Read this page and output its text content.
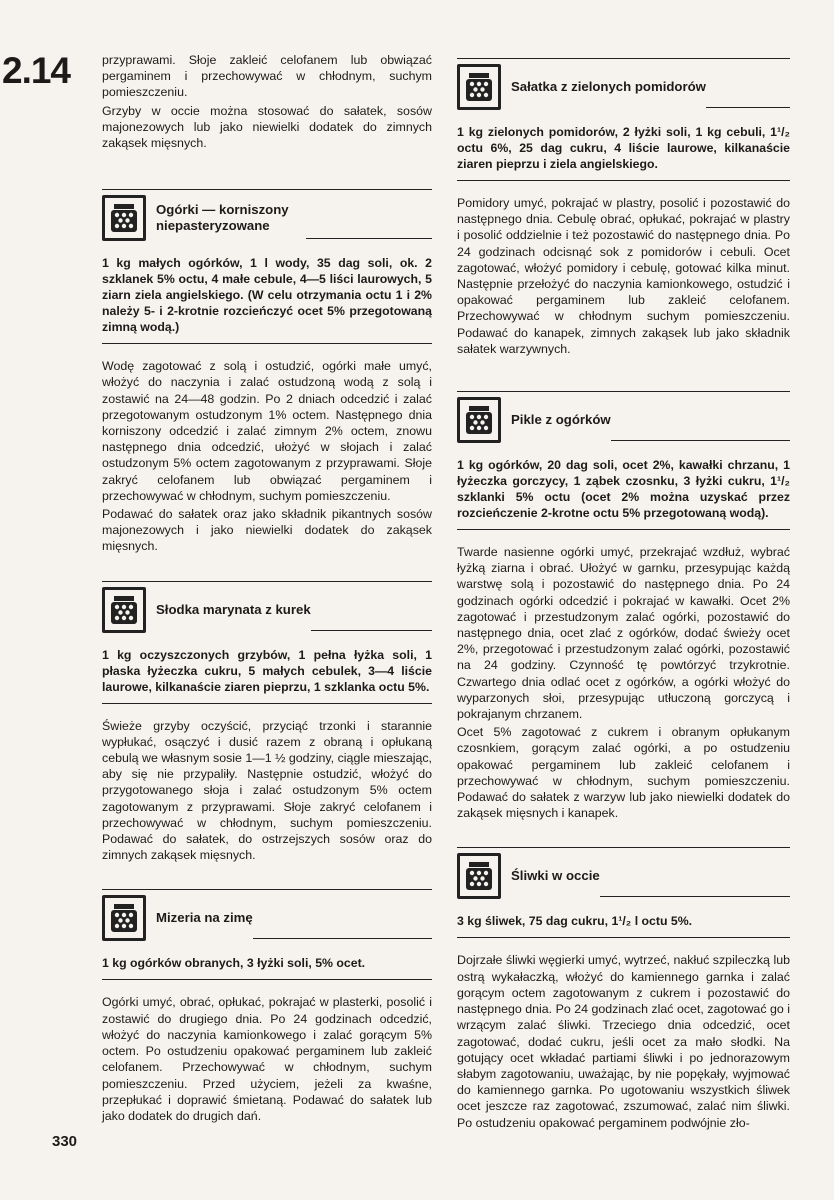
2.14
330

przyprawami. Słoje zakleić celofanem lub obwiązać pergaminem i przechowywać w chłodnym, suchym pomieszczeniu.

Grzyby w occie można stosować do sałatek, sosów majonezowych lub jako niewielki dodatek do zimnych zakąsek mięsnych.

Ogórki — korniszony niepasteryzowane
1 kg małych ogórków, 1 l wody, 35 dag soli, ok. 2 szklanek 5% octu, 4 małe cebule, 4—5 liści laurowych, 5 ziarn ziela angielskiego. (W celu otrzymania octu 1 i 2% należy 5- i 2-krotnie rozcieńczyć ocet 5% przegotowaną zimną wodą.)

Wodę zagotować z solą i ostudzić, ogórki małe umyć, włożyć do naczynia i zalać ostudzoną wodą z solą i zostawić na 24—48 godzin. Po 2 dniach odcedzić i zalać przegotowanym ostudzonym 1% octem. Następnego dnia korniszony odcedzić i zalać zimnym 2% octem, znowu następnego dnia odcedzić, ułożyć w słojach i zalać ostudzonym 5% octem zagotowanym z przyprawami. Słoje zakryć celofanem lub obwiązać pergaminem i przechowywać w chłodnym, suchym pomieszczeniu.

Podawać do sałatek oraz jako składnik pikantnych sosów majonezowych i jako niewielki dodatek do zakąsek mięsnych.

Słodka marynata z kurek
1 kg oczyszczonych grzybów, 1 pełna łyżka soli, 1 płaska łyżeczka cukru, 5 małych cebulek, 3—4 liście laurowe, kilkanaście ziaren pieprzu, 1 szklanka octu 5%.

Świeże grzyby oczyścić, przyciąć trzonki i starannie wypłukać, osączyć i dusić razem z obraną i opłukaną cebulą we własnym sosie 1—1 ½ godziny, ciągle mieszając, aby się nie przypaliły. Następnie ostudzić, włożyć do przygotowanego słoja i zalać ostudzonym 5% octem zagotowanym z przyprawami. Słoje zakryć celofanem i przechowywać w chłodnym, suchym pomieszczeniu. Podawać do sałatek, do ostrzejszych sosów oraz do zimnych zakąsek mięsnych.

Mizeria na zimę
1 kg ogórków obranych, 3 łyżki soli, 5% ocet.

Ogórki umyć, obrać, opłukać, pokrajać w plasterki, posolić i zostawić do drugiego dnia. Po 24 godzinach odcedzić, włożyć do naczynia kamionkowego i zalać gorącym 5% octem. Po ostudzeniu opakować pergaminem lub zakleić celofanem. Przechowywać w chłodnym, suchym pomieszczeniu. Przed użyciem, jeżeli za kwaśne, przepłukać i doprawić śmietaną. Podawać do sałatek lub jako dodatek do drugich dań.

Sałatka z zielonych pomidorów
1 kg zielonych pomidorów, 2 łyżki soli, 1 kg cebuli, 1¹/₂ octu 6%, 25 dag cukru, 4 liście laurowe, kilkanaście ziaren pieprzu i ziela angielskiego.

Pomidory umyć, pokrajać w plastry, posolić i pozostawić do następnego dnia. Cebulę obrać, opłukać, pokrajać w plastry i posolić oddzielnie i też pozostawić do następnego dnia. Po 24 godzinach odcisnąć sok z pomidorów i cebuli. Ocet zagotować, włożyć pomidory i cebulę, gotować kilka minut. Następnie przełożyć do naczynia kamionkowego, ostudzić i opakować pergaminem lub zakleić celofanem. Przechowywać w chłodnym suchym pomieszczeniu. Podawać do kanapek, zimnych zakąsek lub jako składnik sałatek warzywnych.

Pikle z ogórków
1 kg ogórków, 20 dag soli, ocet 2%, kawałki chrzanu, 1 łyżeczka gorczycy, 1 ząbek czosnku, 3 łyżki cukru, 1¹/₂ szklanki 5% octu (ocet 2% można uzyskać przez rozcieńczenie 2-krotne octu 5% przegotowaną wodą).

Twarde nasienne ogórki umyć, przekrajać wzdłuż, wybrać łyżką ziarna i obrać. Ułożyć w garnku, przesypując każdą warstwę solą i pozostawić do następnego dnia. Po 24 godzinach ogórki odcedzić i pokrajać w kawałki. Ocet 2% zagotować i przestudzonym zalać ogórki, pozostawić do następnego dnia, ocet zlać z ogórków, dodać świeży ocet 2%, przegotować i przestudzonym zalać ogórki, pozostawić na 24 godziny. Czynność tę powtórzyć trzykrotnie. Czwartego dnia odlać ocet z ogórków, a ogórki włożyć do wyparzonych słoi, przesypując utłuczoną gorczycą i pokrajanym chrzanem.

Ocet 5% zagotować z cukrem i obranym opłukanym czosnkiem, gorącym zalać ogórki, a po ostudzeniu opakować pergaminem lub zakleić celofanem i przechowywać w chłodnym, suchym pomieszczeniu. Podawać do sałatek z warzyw lub jako niewielki dodatek do zakąsek mięsnych i kanapek.

Śliwki w occie
3 kg śliwek, 75 dag cukru, 1¹/₂ l octu 5%.

Dojrzałe śliwki węgierki umyć, wytrzeć, nakłuć szpileczką lub ostrą wykałaczką, włożyć do kamiennego garnka i zalać gorącym octem zagotowanym z cukrem i pozostawić do następnego dnia. Po 24 godzinach zlać ocet, zagotować go i wrzącym zalać śliwki. Trzeciego dnia odcedzić, ocet zagotować, dodać cukru, jeśli ocet za mało słodki. Na gotujący ocet wkładać partiami śliwki i po jednorazowym słabym zagotowaniu, uważając, by nie popękały, wyjmować do kamiennego garnka. Po ugotowaniu wszystkich śliwek ocet jeszcze raz zagotować, zszumować, zalać nim śliwki. Po ostudzeniu opakować pergaminem podwójnie zło-
